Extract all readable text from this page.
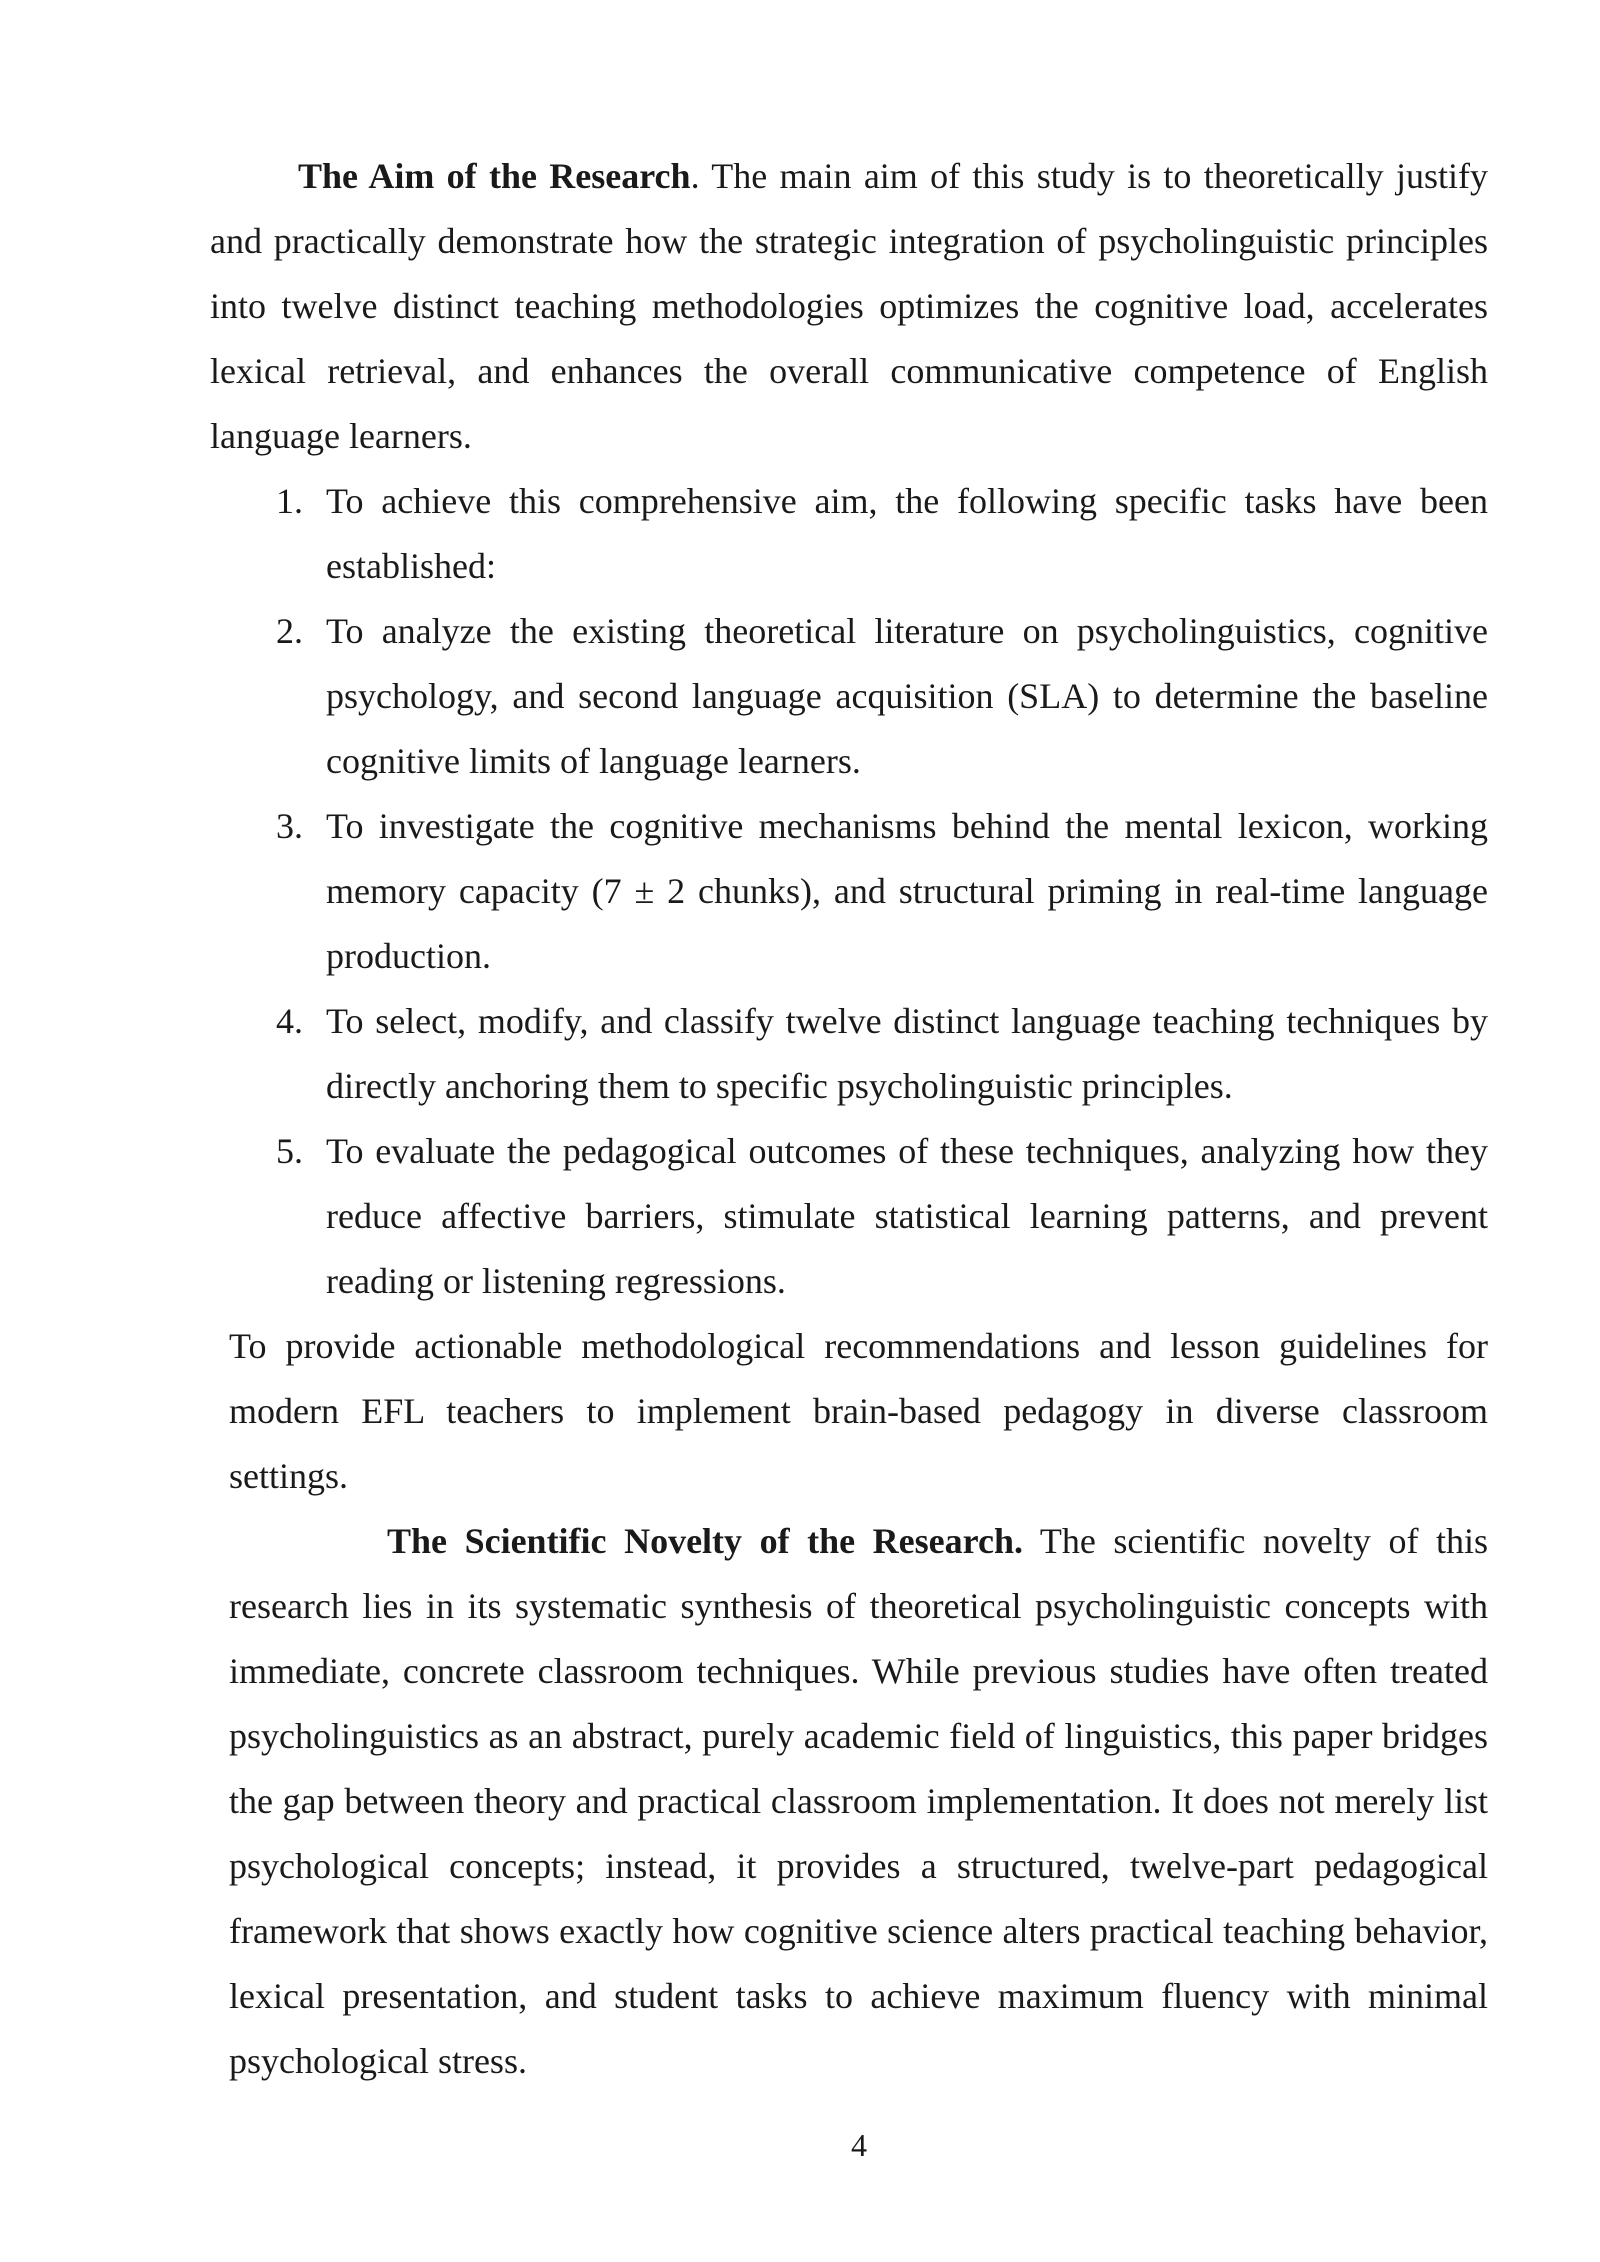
The Aim of the Research. The main aim of this study is to theoretically justify and practically demonstrate how the strategic integration of psycholinguistic principles into twelve distinct teaching methodologies optimizes the cognitive load, accelerates lexical retrieval, and enhances the overall communicative competence of English language learners.

1. To achieve this comprehensive aim, the following specific tasks have been established:
2. To analyze the existing theoretical literature on psycholinguistics, cognitive psychology, and second language acquisition (SLA) to determine the baseline cognitive limits of language learners.
3. To investigate the cognitive mechanisms behind the mental lexicon, working memory capacity (7 ± 2 chunks), and structural priming in real-time language production.
4. To select, modify, and classify twelve distinct language teaching techniques by directly anchoring them to specific psycholinguistic principles.
5. To evaluate the pedagogical outcomes of these techniques, analyzing how they reduce affective barriers, stimulate statistical learning patterns, and prevent reading or listening regressions.

To provide actionable methodological recommendations and lesson guidelines for modern EFL teachers to implement brain-based pedagogy in diverse classroom settings.

The Scientific Novelty of the Research. The scientific novelty of this research lies in its systematic synthesis of theoretical psycholinguistic concepts with immediate, concrete classroom techniques. While previous studies have often treated psycholinguistics as an abstract, purely academic field of linguistics, this paper bridges the gap between theory and practical classroom implementation. It does not merely list psychological concepts; instead, it provides a structured, twelve-part pedagogical framework that shows exactly how cognitive science alters practical teaching behavior, lexical presentation, and student tasks to achieve maximum fluency with minimal psychological stress.

4
